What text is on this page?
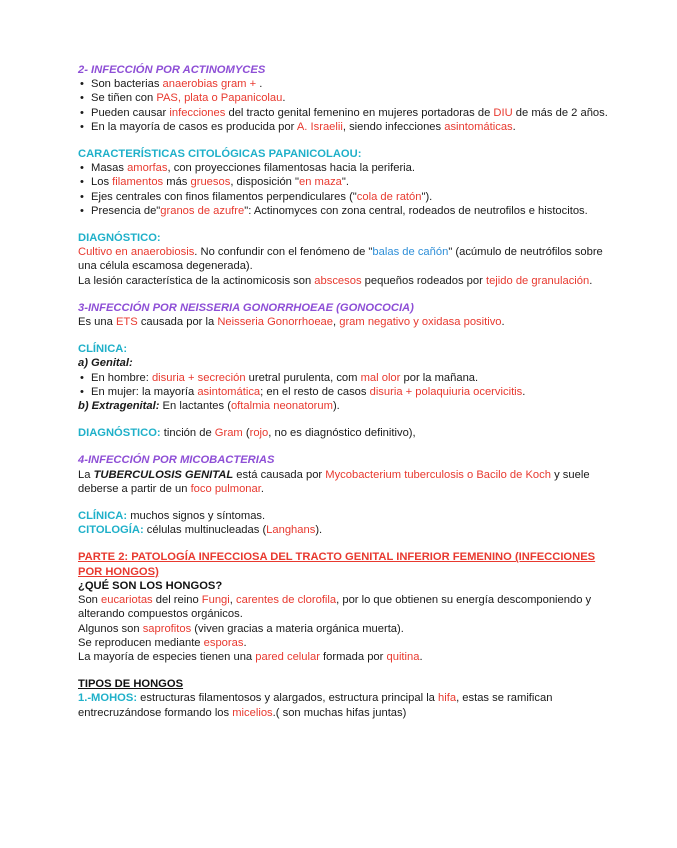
2- INFECCIÓN POR ACTINOMYCES

• Son bacterias anaerobias gram + .
• Se tiñen con PAS, plata o Papanicolau.
• Pueden causar infecciones del tracto genital femenino en mujeres portadoras de DIU de más de 2 años.
• En la mayoría de casos es producida por A. Israelii, siendo infecciones asintomáticas.

CARACTERÍSTICAS CITOLÓGICAS PAPANICOLAOU:

• Masas amorfas, con proyecciones filamentosas hacia la periferia.
• Los filamentos más gruesos, disposición "en maza".
• Ejes centrales con finos filamentos perpendiculares ("cola de ratón").
• Presencia de"granos de azufre": Actinomyces con zona central, rodeados de neutrofilos e histocitos.

DIAGNÓSTICO:

Cultivo en anaerobiosis. No confundir con el fenómeno de "balas de cañón" (acúmulo de neutrófilos sobre una célula escamosa degenerada).

La lesión característica de la actinomicosis son abscesos pequeños rodeados por tejido de granulación.

3-INFECCIÓN POR NEISSERIA GONORRHOEAE (GONOCOCIA)

Es una ETS causada por la Neisseria Gonorrhoeae, gram negativo y oxidasa positivo.

CLÍNICA:

a) Genital:

• En hombre: disuria + secreción uretral purulenta, com mal olor por la mañana.
• En mujer: la mayoría asintomática; en el resto de casos disuria + polaquiuria ocervicitis.

b) Extragenital: En lactantes (oftalmia neonatorum).

DIAGNÓSTICO: tinción de Gram (rojo, no es diagnóstico definitivo),

4-INFECCIÓN POR MICOBACTERIAS

La TUBERCULOSIS GENITAL está causada por Mycobacterium tuberculosis o Bacilo de Koch y suele deberse a partir de un foco pulmonar.

CLÍNICA: muchos signos y síntomas.

CITOLOGÍA: células multinucleadas (Langhans).

PARTE 2: PATOLOGÍA INFECCIOSA DEL TRACTO GENITAL INFERIOR FEMENINO (INFECCIONES POR HONGOS)

¿QUÉ SON LOS HONGOS?

Son eucariotas del reino Fungi, carentes de clorofila, por lo que obtienen su energía descomponiendo y alterando compuestos orgánicos.

Algunos son saprofitos (viven gracias a materia orgánica muerta).

Se reproducen mediante esporas.

La mayoría de especies tienen una pared celular formada por quitina.

TIPOS DE HONGOS

1.-MOHOS: estructuras filamentosos y alargados, estructura principal la hifa, estas se ramifican entrecruzándose formando los micelios.( son muchas hifas juntas)
